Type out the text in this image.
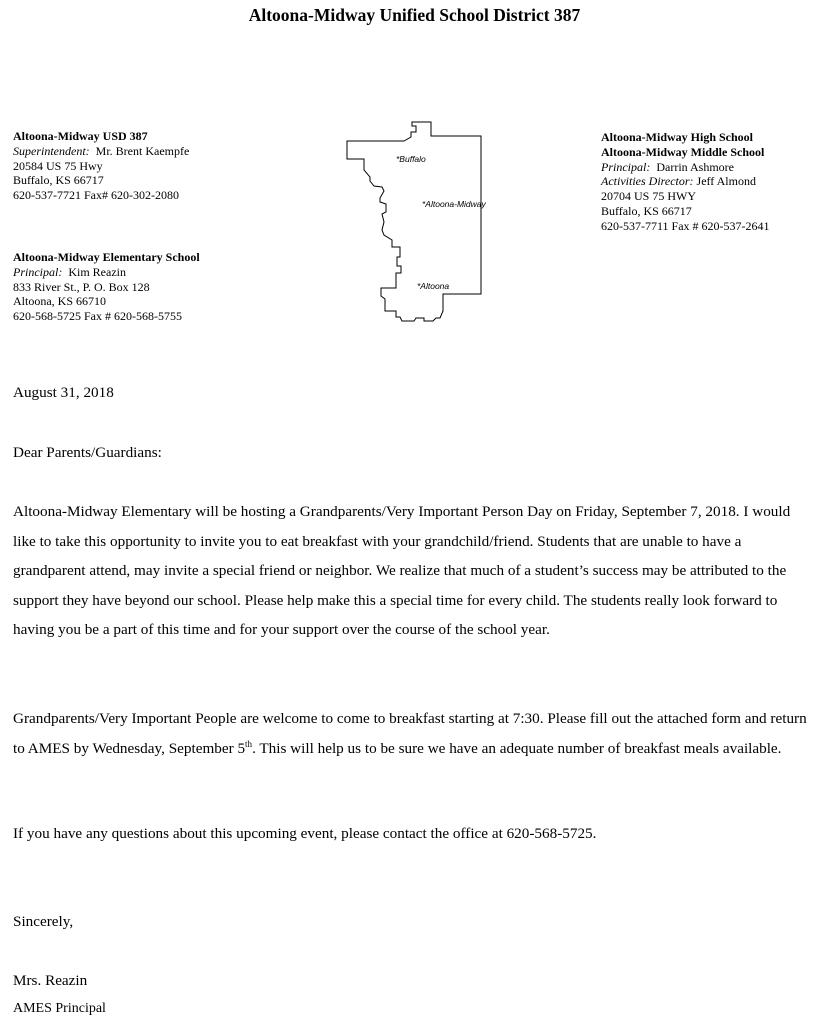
Altoona-Midway Unified School District 387
Altoona-Midway USD 387
Superintendent: Mr. Brent Kaempfe
20584 US 75 Hwy
Buffalo, KS 66717
620-537-7721 Fax# 620-302-2080
Altoona-Midway Elementary School
Principal: Kim Reazin
833 River St., P. O. Box 128
Altoona, KS 66710
620-568-5725 Fax # 620-568-5755
Altoona-Midway High School
Altoona-Midway Middle School
Principal: Darrin Ashmore
Activities Director: Jeff Almond
20704 US 75 HWY
Buffalo, KS 66717
620-537-7711 Fax # 620-537-2641
*Buffalo
*Altoona-Midway
*Altoona
August 31, 2018
Dear Parents/Guardians:

Altoona-Midway Elementary will be hosting a Grandparents/Very Important Person Day on Friday, September 7, 2018. I would like to take this opportunity to invite you to eat breakfast with your grandchild/friend. Students that are unable to have a grandparent attend, may invite a special friend or neighbor. We realize that much of a student’s success may be attributed to the support they have beyond our school. Please help make this a special time for every child. The students really look forward to having you be a part of this time and for your support over the course of the school year.

Grandparents/Very Important People are welcome to come to breakfast starting at 7:30. Please fill out the attached form and return to AMES by Wednesday, September 5th. This will help us to be sure we have an adequate number of breakfast meals available.

If you have any questions about this upcoming event, please contact the office at 620-568-5725.
Sincerely,
Mrs. Reazin
AMES Principal
